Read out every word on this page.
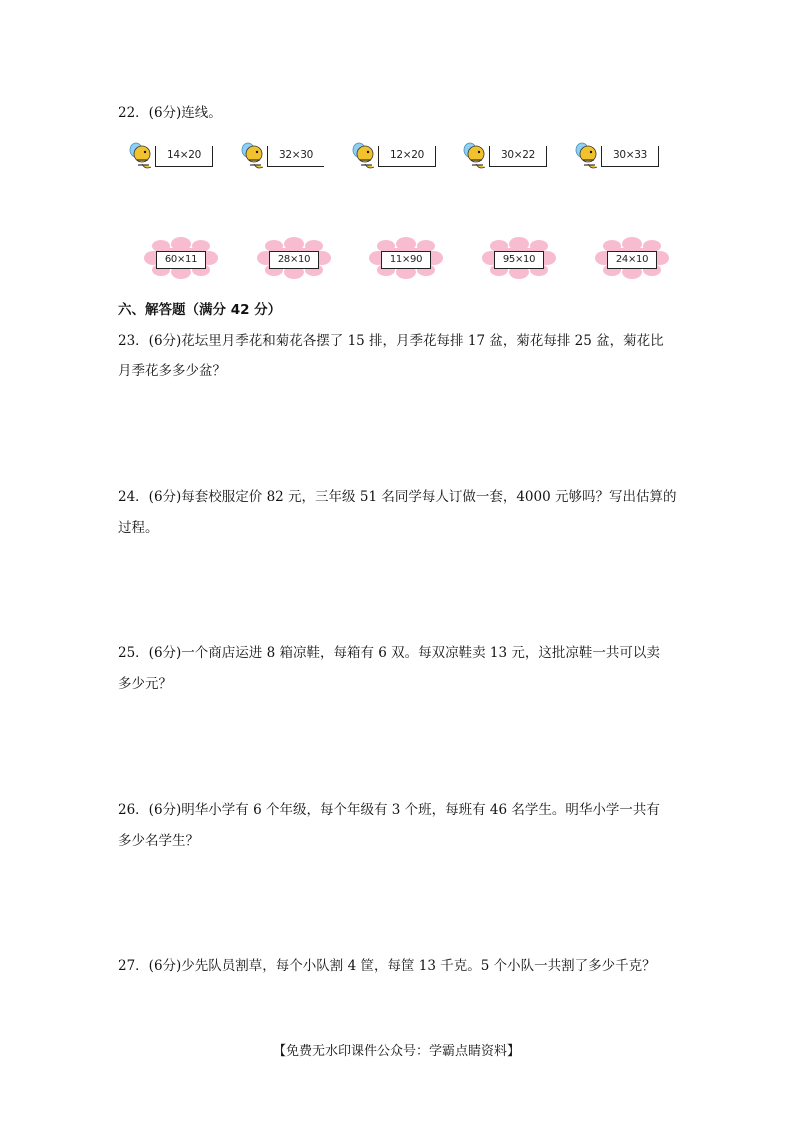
22．(6分)连线。
14×20	32×30	12×20	30×22	30×33
60×11	28×10	11×90	95×10	24×10
六、解答题（满分 42 分）
23．(6分)花坛里月季花和菊花各摆了 15 排，月季花每排 17 盆，菊花每排 25 盆，菊花比
月季花多多少盆？
24．(6分)每套校服定价 82 元，三年级 51 名同学每人订做一套，4000 元够吗？写出估算的
过程。
25．(6分)一个商店运进 8 箱凉鞋，每箱有 6 双。每双凉鞋卖 13 元，这批凉鞋一共可以卖
多少元？
26．(6分)明华小学有 6 个年级，每个年级有 3 个班，每班有 46 名学生。明华小学一共有
多少名学生？
27．(6分)少先队员割草，每个小队割 4 筐，每筐 13 千克。5 个小队一共割了多少千克？
【免费无水印课件公众号：学霸点睛资料】
